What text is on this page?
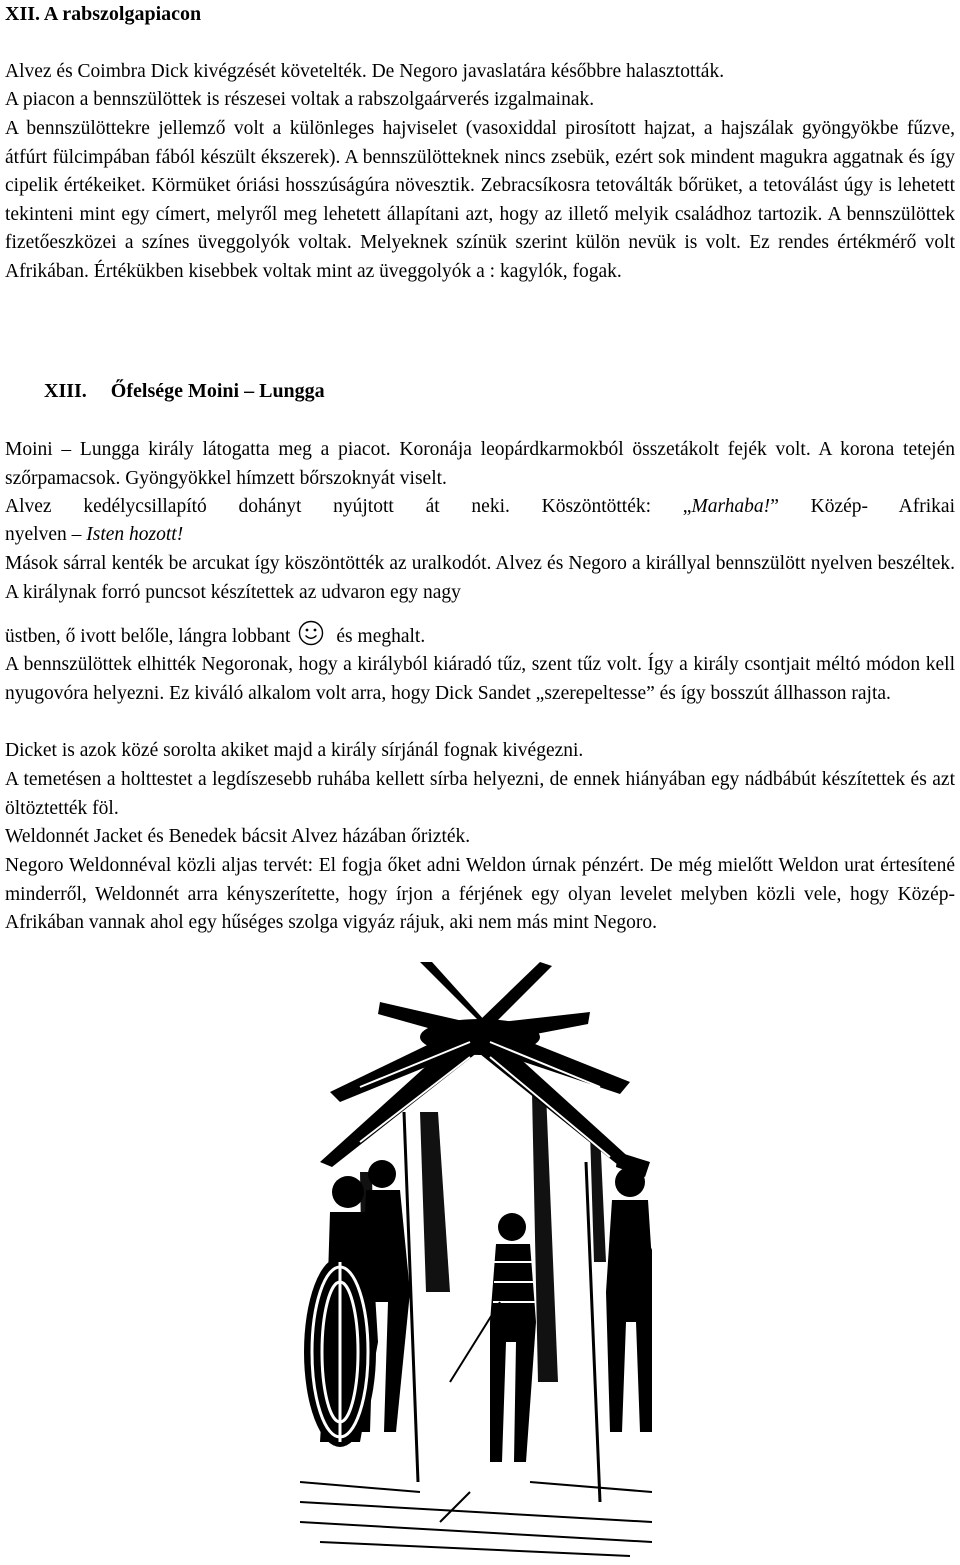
XII. A rabszolgapiacon
Alvez és Coimbra Dick kivégzését követelték. De Negoro javaslatára későbbre halasztották.
A piacon a bennszülöttek is részesei voltak a rabszolgaárverés izgalmainak.
A bennszülöttekre jellemző volt a különleges hajviselet (vasoxiddal pirosított hajzat, a hajszálak gyöngyökbe fűzve, átfúrt fülcimpában fából készült ékszerek). A bennszülötteknek nincs zsebük, ezért sok mindent magukra aggatnak és így cipelik értékeiket. Körmüket óriási hosszúságúra növesztik. Zebracsíkosra tetoválták bőrüket, a tetoválást úgy is lehetett tekinteni mint egy címert, melyről meg lehetett állapítani azt, hogy az illető melyik családhoz tartozik. A bennszülöttek fizetőeszközei a színes üveggolyók voltak. Melyeknek színük szerint külön nevük is volt. Ez rendes értékmérő volt Afrikában. Értékükben kisebbek voltak mint az üveggolyók a : kagylók, fogak.
XIII. Őfelsége Moini – Lungga
Moini – Lungga király látogatta meg a piacot. Koronája leopárdkarmokból összetákolt fejék volt. A korona tetején szőrpamacsok. Gyöngyökkel hímzett bőrszoknyát viselt.
Alvez kedélycsillapító dohányt nyújtott át neki. Köszöntötték: „Marhaba!” Közép- Afrikai
nyelven – Isten hozott!
Mások sárral kenték be arcukat így köszöntötték az uralkodót. Alvez és Negoro a királlyal bennszülött nyelven beszéltek. A királynak forró puncsot készítettek az udvaron egy nagy
üstben, ő ivott belőle, lángra lobbant és meghalt.
A bennszülöttek elhitték Negoronak, hogy a királyból kiáradó tűz, szent tűz volt. Így a király csontjait méltó módon kell nyugovóra helyezni. Ez kiváló alkalom volt arra, hogy Dick Sandet „szerepeltesse” és így bosszút állhasson rajta.
Dicket is azok közé sorolta akiket majd a király sírjánál fognak kivégezni.
A temetésen a holttestet a legdíszesebb ruhába kellett sírba helyezni, de ennek hiányában egy nádbábút készítettek és azt öltöztették föl.
Weldonnét Jacket és Benedek bácsit Alvez házában őrizték.
Negoro Weldonnéval közli aljas tervét: El fogja őket adni Weldon úrnak pénzért. De még mielőtt Weldon urat értesítené minderről, Weldonnét arra kényszerítette, hogy írjon a férjének egy olyan levelet melyben közli vele, hogy Közép-Afrikában vannak ahol egy hűséges szolga vigyáz rájuk, aki nem más mint Negoro.
